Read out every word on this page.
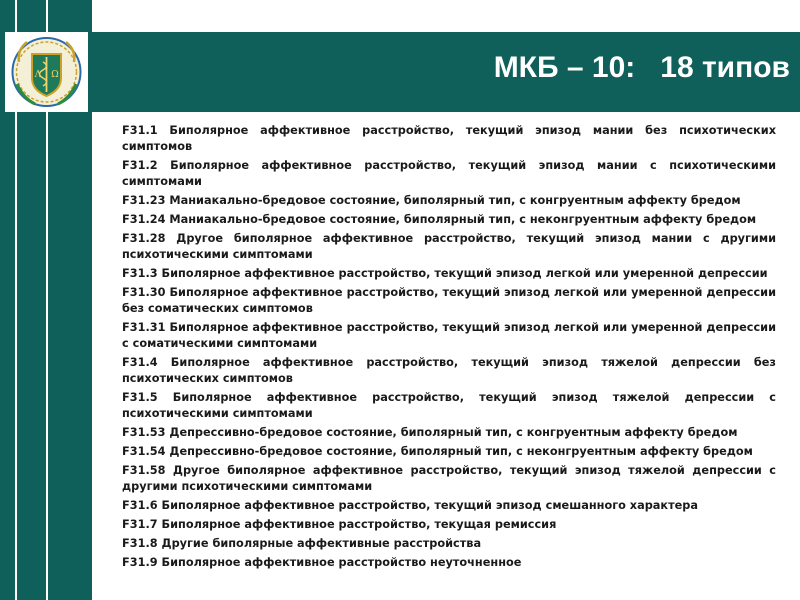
Λ Ω	МКБ – 10:   18 типов

F31.1 Биполярное аффективное расстройство, текущий эпизод мании без психотических симптомов

F31.2 Биполярное аффективное расстройство, текущий эпизод мании с психотическими симптомами

F31.23 Маниакально-бредовое состояние, биполярный тип, с конгруентным аффекту бредом

F31.24 Маниакально-бредовое состояние, биполярный тип, с неконгруентным аффекту бредом

F31.28 Другое биполярное аффективное расстройство, текущий эпизод мании с другими психотическими симптомами

F31.3 Биполярное аффективное расстройство, текущий эпизод легкой или умеренной депрессии

F31.30 Биполярное аффективное расстройство, текущий эпизод легкой или умеренной депрессии без соматических симптомов

F31.31 Биполярное аффективное расстройство, текущий эпизод легкой или умеренной депрессии с соматическими симптомами

F31.4 Биполярное аффективное расстройство, текущий эпизод тяжелой депрессии без психотических симптомов

F31.5 Биполярное аффективное расстройство, текущий эпизод тяжелой депрессии с психотическими симптомами

F31.53 Депрессивно-бредовое состояние, биполярный тип, с конгруентным аффекту бредом

F31.54 Депрессивно-бредовое состояние, биполярный тип, с неконгруентным аффекту бредом

F31.58 Другое биполярное аффективное расстройство, текущий эпизод тяжелой депрессии с другими психотическими симптомами

F31.6 Биполярное аффективное расстройство, текущий эпизод смешанного характера

F31.7 Биполярное аффективное расстройство, текущая ремиссия

F31.8 Другие биполярные аффективные расстройства

F31.9 Биполярное аффективное расстройство неуточненное
